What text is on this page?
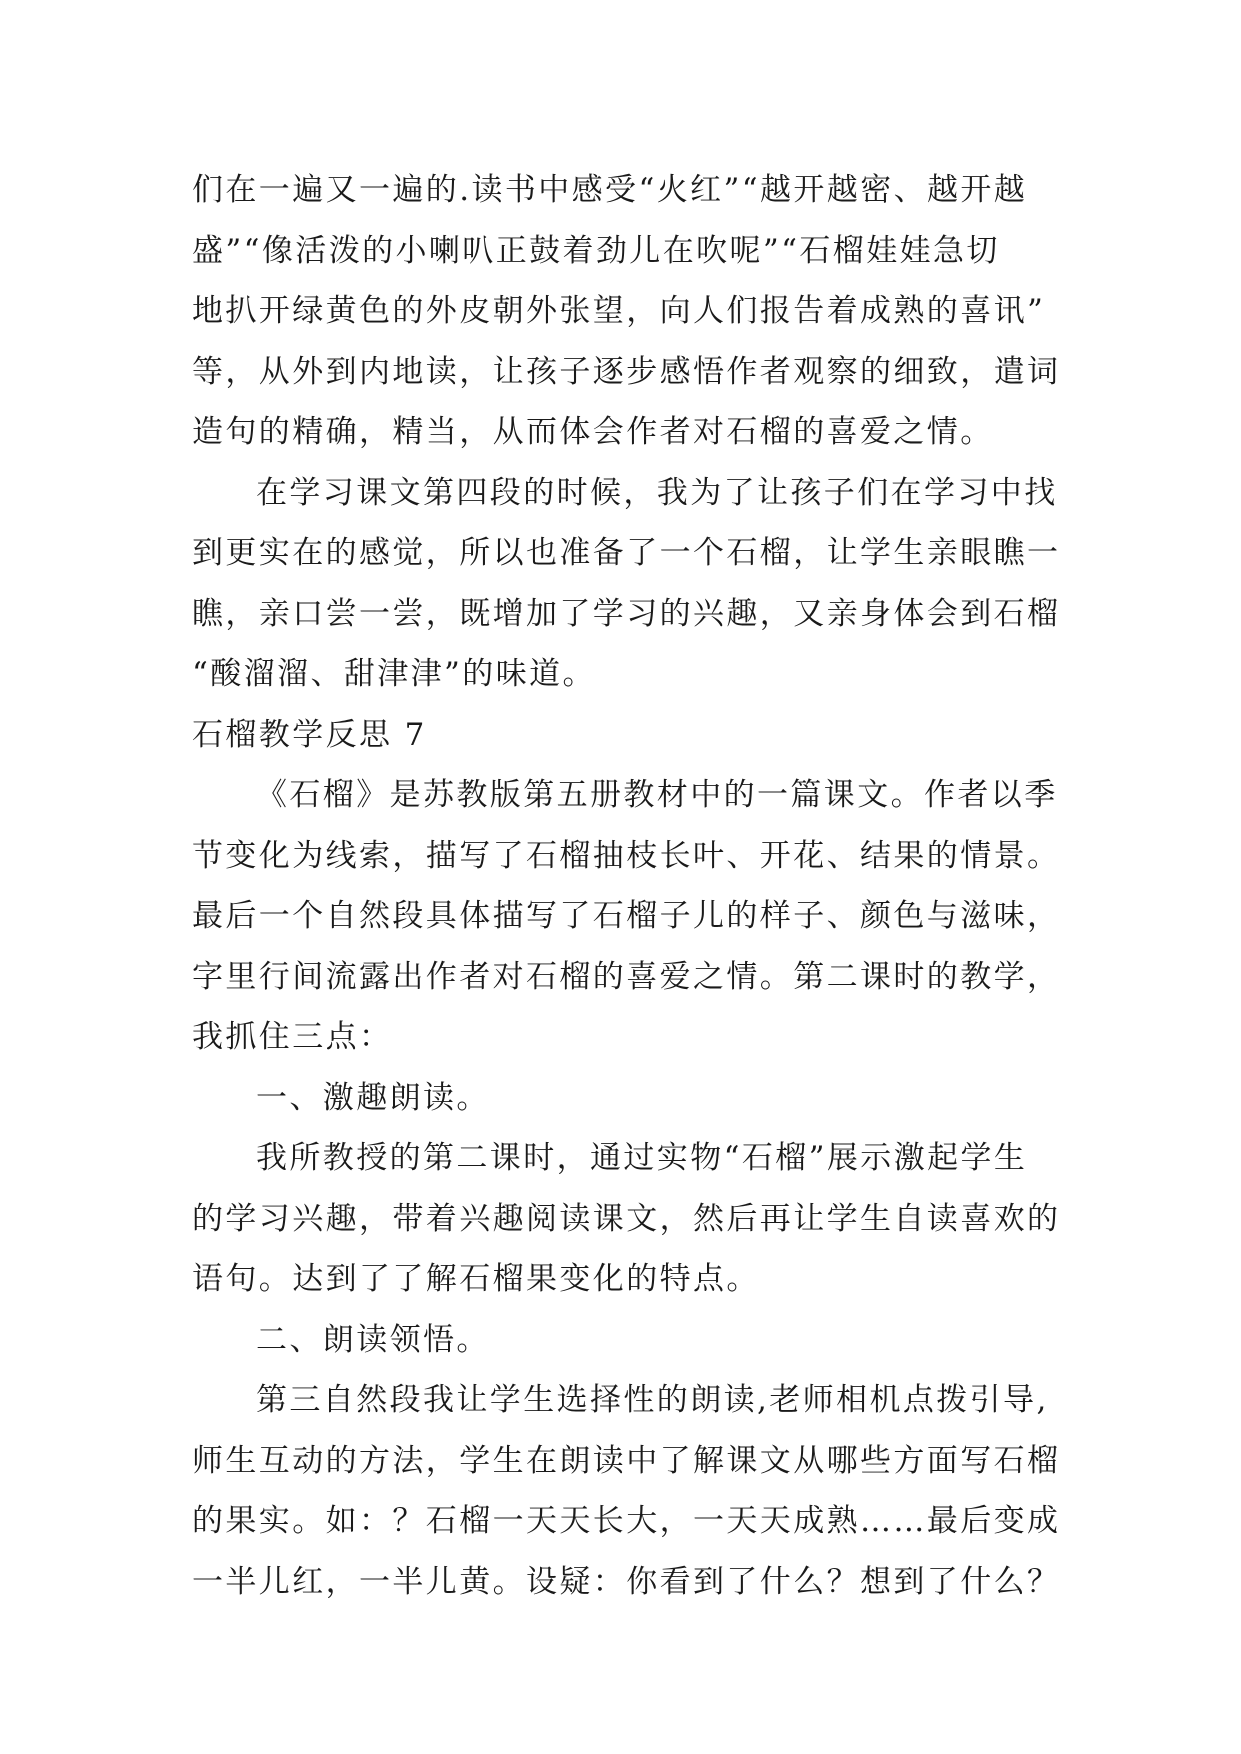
们在一遍又一遍的.读书中感受“火红”“越开越密、越开越
盛”“像活泼的小喇叭正鼓着劲儿在吹呢”“石榴娃娃急切
地扒开绿黄色的外皮朝外张望，向人们报告着成熟的喜讯”
等，从外到内地读，让孩子逐步感悟作者观察的细致，遣词
造句的精确，精当，从而体会作者对石榴的喜爱之情。
在学习课文第四段的时候，我为了让孩子们在学习中找
到更实在的感觉，所以也准备了一个石榴，让学生亲眼瞧一
瞧，亲口尝一尝，既增加了学习的兴趣，又亲身体会到石榴
“酸溜溜、甜津津”的味道。
石榴教学反思 7
《石榴》是苏教版第五册教材中的一篇课文。作者以季
节变化为线索，描写了石榴抽枝长叶、开花、结果的情景。
最后一个自然段具体描写了石榴子儿的样子、颜色与滋味，
字里行间流露出作者对石榴的喜爱之情。第二课时的教学，
我抓住三点：
一、激趣朗读。
我所教授的第二课时，通过实物“石榴”展示激起学生
的学习兴趣，带着兴趣阅读课文，然后再让学生自读喜欢的
语句。达到了了解石榴果变化的特点。
二、朗读领悟。
第三自然段我让学生选择性的朗读,老师相机点拨引导,
师生互动的方法，学生在朗读中了解课文从哪些方面写石榴
的果实。如：？石榴一天天长大，一天天成熟……最后变成
一半儿红，一半儿黄。设疑：你看到了什么？想到了什么？
